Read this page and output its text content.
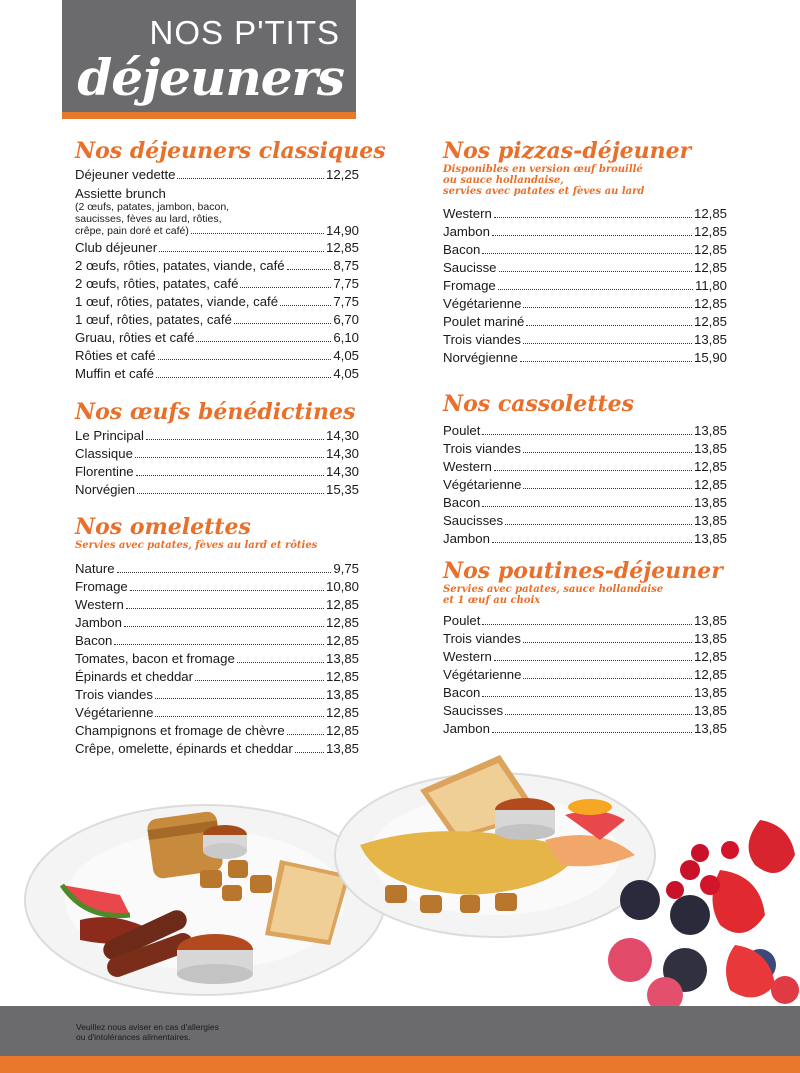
NOS P'TITS
déjeuners
Nos déjeuners classiques
Déjeuner vedette	12,25
Assiette brunch
(2 œufs, patates, jambon, bacon,
saucisses, fèves au lard, rôties,
crêpe, pain doré et café)	14,90
Club déjeuner	12,85
2 œufs, rôties, patates, viande, café	8,75
2 œufs, rôties, patates, café	7,75
1 œuf, rôties, patates, viande, café	7,75
1 œuf, rôties, patates, café	6,70
Gruau, rôties et café	6,10
Rôties et café	4,05
Muffin et café	4,05
Nos œufs bénédictines
Le Principal	14,30
Classique	14,30
Florentine	14,30
Norvégien	15,35
Nos omelettes
Servies avec patates, fèves au lard et rôties
Nature	9,75
Fromage	10,80
Western	12,85
Jambon	12,85
Bacon	12,85
Tomates, bacon et fromage	13,85
Épinards et cheddar	12,85
Trois viandes	13,85
Végétarienne	12,85
Champignons et fromage de chèvre	12,85
Crêpe, omelette, épinards et cheddar	13,85
Nos pizzas-déjeuner
Disponibles en version œuf brouillé
ou sauce hollandaise,
servies avec patates et fèves au lard
Western	12,85
Jambon	12,85
Bacon	12,85
Saucisse	12,85
Fromage	11,80
Végétarienne	12,85
Poulet mariné	12,85
Trois viandes	13,85
Norvégienne	15,90
Nos cassolettes
Poulet	13,85
Trois viandes	13,85
Western	12,85
Végétarienne	12,85
Bacon	13,85
Saucisses	13,85
Jambon	13,85
Nos poutines-déjeuner
Servies avec patates, sauce hollandaise
et 1 œuf au choix
Poulet	13,85
Trois viandes	13,85
Western	12,85
Végétarienne	12,85
Bacon	13,85
Saucisses	13,85
Jambon	13,85
Veuillez nous aviser en cas d'allergies
ou d'intolérances alimentaires.
